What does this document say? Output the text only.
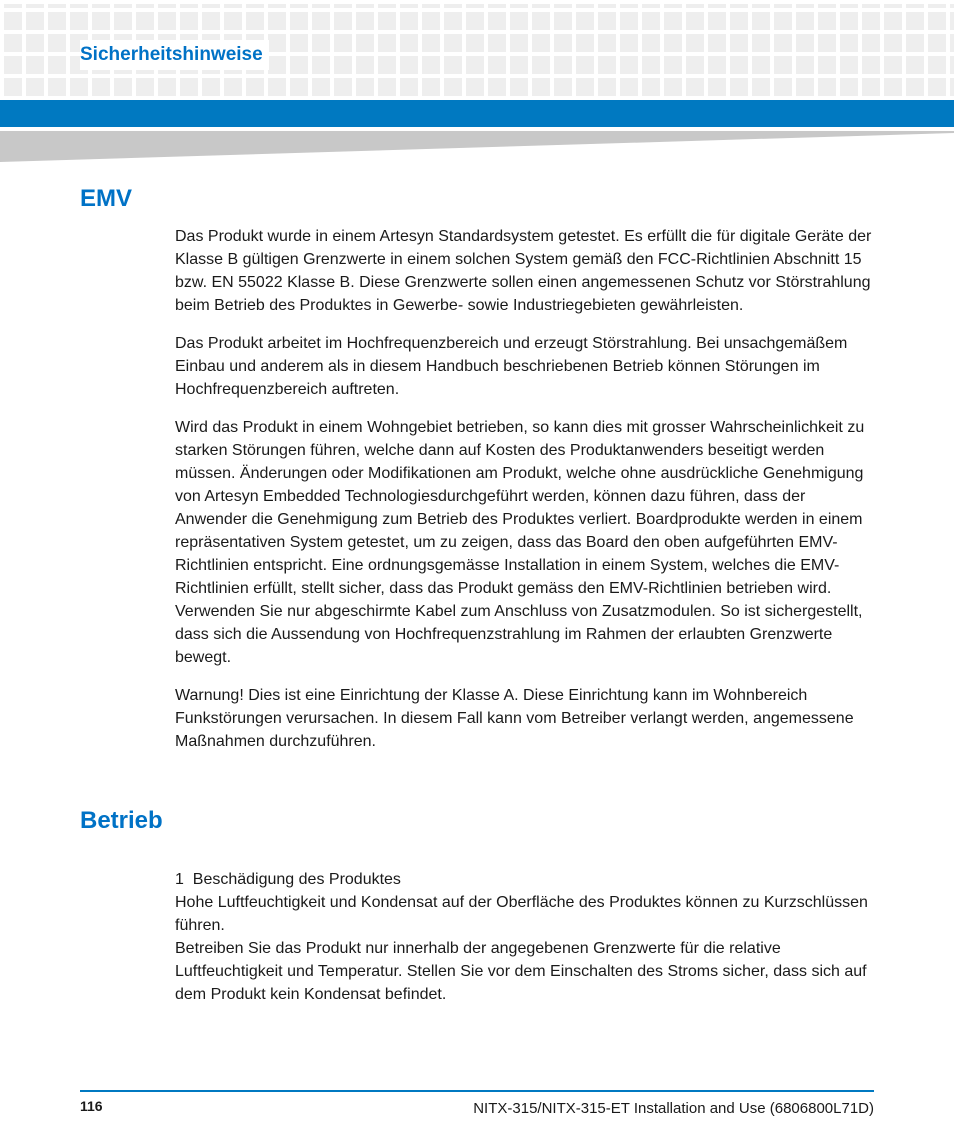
Sicherheitshinweise
EMV

Das Produkt wurde in einem Artesyn Standardsystem getestet. Es erfüllt die für digitale Geräte der Klasse B gültigen Grenzwerte in einem solchen System gemäß den FCC-Richtlinien Abschnitt 15 bzw. EN 55022 Klasse B. Diese Grenzwerte sollen einen angemessenen Schutz vor Störstrahlung beim Betrieb des Produktes in Gewerbe- sowie Industriegebieten gewährleisten.

Das Produkt arbeitet im Hochfrequenzbereich und erzeugt Störstrahlung. Bei unsachgemäßem Einbau und anderem als in diesem Handbuch beschriebenen Betrieb können Störungen im Hochfrequenzbereich auftreten.

Wird das Produkt in einem Wohngebiet betrieben, so kann dies mit grosser Wahrscheinlichkeit zu starken Störungen führen, welche dann auf Kosten des Produktanwenders beseitigt werden müssen. Änderungen oder Modifikationen am Produkt, welche ohne ausdrückliche Genehmigung von Artesyn Embedded Technologiesdurchgeführt werden, können dazu führen, dass der Anwender die Genehmigung zum Betrieb des Produktes verliert. Boardprodukte werden in einem repräsentativen System getestet, um zu zeigen, dass das Board den oben aufgeführten EMV-Richtlinien entspricht. Eine ordnungsgemässe Installation in einem System, welches die EMV-Richtlinien erfüllt, stellt sicher, dass das Produkt gemäss den EMV-Richtlinien betrieben wird. Verwenden Sie nur abgeschirmte Kabel zum Anschluss von Zusatzmodulen. So ist sichergestellt, dass sich die Aussendung von Hochfrequenzstrahlung im Rahmen der erlaubten Grenzwerte bewegt.

Warnung! Dies ist eine Einrichtung der Klasse A. Diese Einrichtung kann im Wohnbereich Funkstörungen verursachen. In diesem Fall kann vom Betreiber verlangt werden, angemessene Maßnahmen durchzuführen.

Betrieb

1  Beschädigung des Produktes

Hohe Luftfeuchtigkeit und Kondensat auf der Oberfläche des Produktes können zu Kurzschlüssen führen.

Betreiben Sie das Produkt nur innerhalb der angegebenen Grenzwerte für die relative Luftfeuchtigkeit und Temperatur. Stellen Sie vor dem Einschalten des Stroms sicher, dass sich auf dem Produkt kein Kondensat befindet.

116	NITX-315/NITX-315-ET Installation and Use (6806800L71D)
